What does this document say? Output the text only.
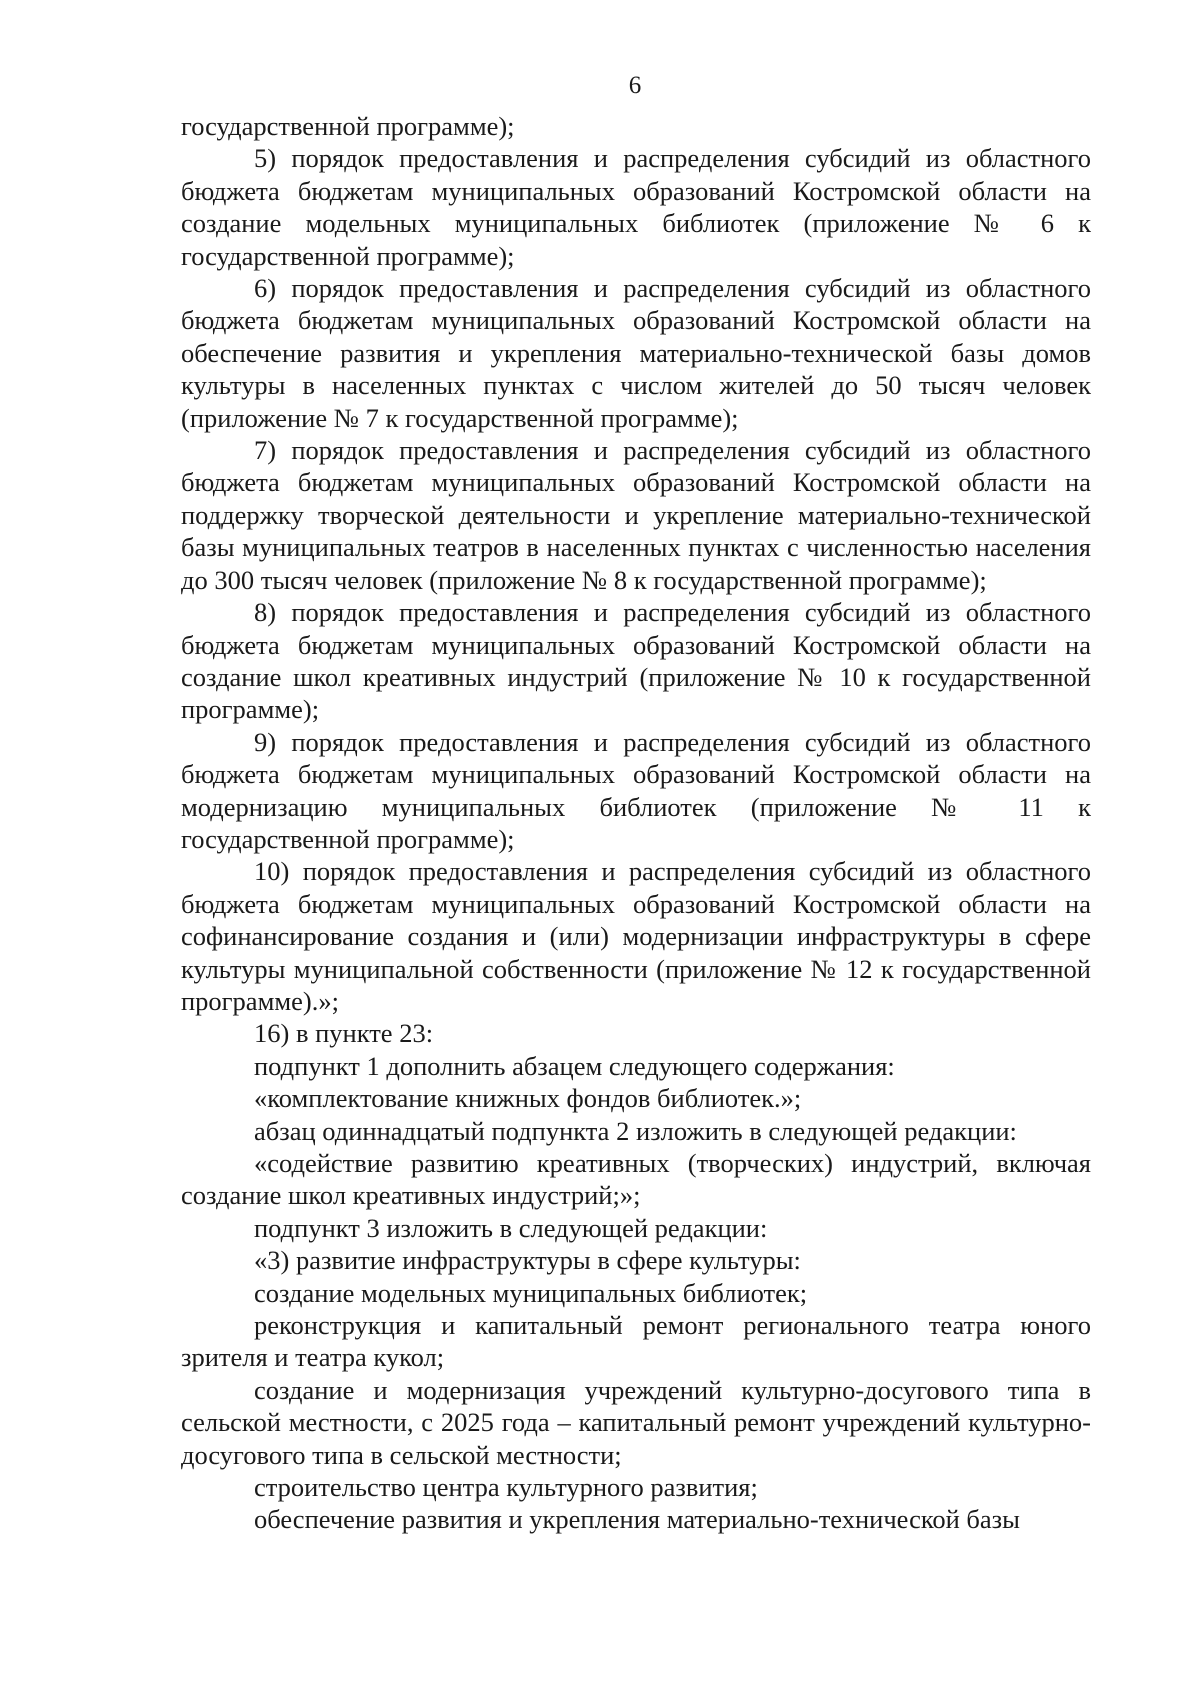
6

государственной программе);

5) порядок предоставления и распределения субсидий из областного бюджета бюджетам муниципальных образований Костромской области на создание модельных муниципальных библиотек (приложение № 6 к государственной программе);

6) порядок предоставления и распределения субсидий из областного бюджета бюджетам муниципальных образований Костромской области на обеспечение развития и укрепления материально-технической базы домов культуры в населенных пунктах с числом жителей до 50 тысяч человек (приложение № 7 к государственной программе);

7) порядок предоставления и распределения субсидий из областного бюджета бюджетам муниципальных образований Костромской области на поддержку творческой деятельности и укрепление материально-технической базы муниципальных театров в населенных пунктах с численностью населения до 300 тысяч человек (приложение № 8 к государственной программе);

8) порядок предоставления и распределения субсидий из областного бюджета бюджетам муниципальных образований Костромской области на создание школ креативных индустрий (приложение № 10 к государственной программе);

9) порядок предоставления и распределения субсидий из областного бюджета бюджетам муниципальных образований Костромской области на модернизацию муниципальных библиотек (приложение № 11 к государственной программе);

10) порядок предоставления и распределения субсидий из областного бюджета бюджетам муниципальных образований Костромской области на софинансирование создания и (или) модернизации инфраструктуры в сфере культуры муниципальной собственности (приложение № 12 к государственной программе).»;

16) в пункте 23:

подпункт 1 дополнить абзацем следующего содержания:

«комплектование книжных фондов библиотек.»;

абзац одиннадцатый подпункта 2 изложить в следующей редакции:

«содействие развитию креативных (творческих) индустрий, включая создание школ креативных индустрий;»;

подпункт 3 изложить в следующей редакции:

«3) развитие инфраструктуры в сфере культуры:

создание модельных муниципальных библиотек;

реконструкция и капитальный ремонт регионального театра юного зрителя и театра кукол;

создание и модернизация учреждений культурно-досугового типа в сельской местности, с 2025 года – капитальный ремонт учреждений культурно-досугового типа в сельской местности;

строительство центра культурного развития;

обеспечение развития и укрепления материально-технической базы
